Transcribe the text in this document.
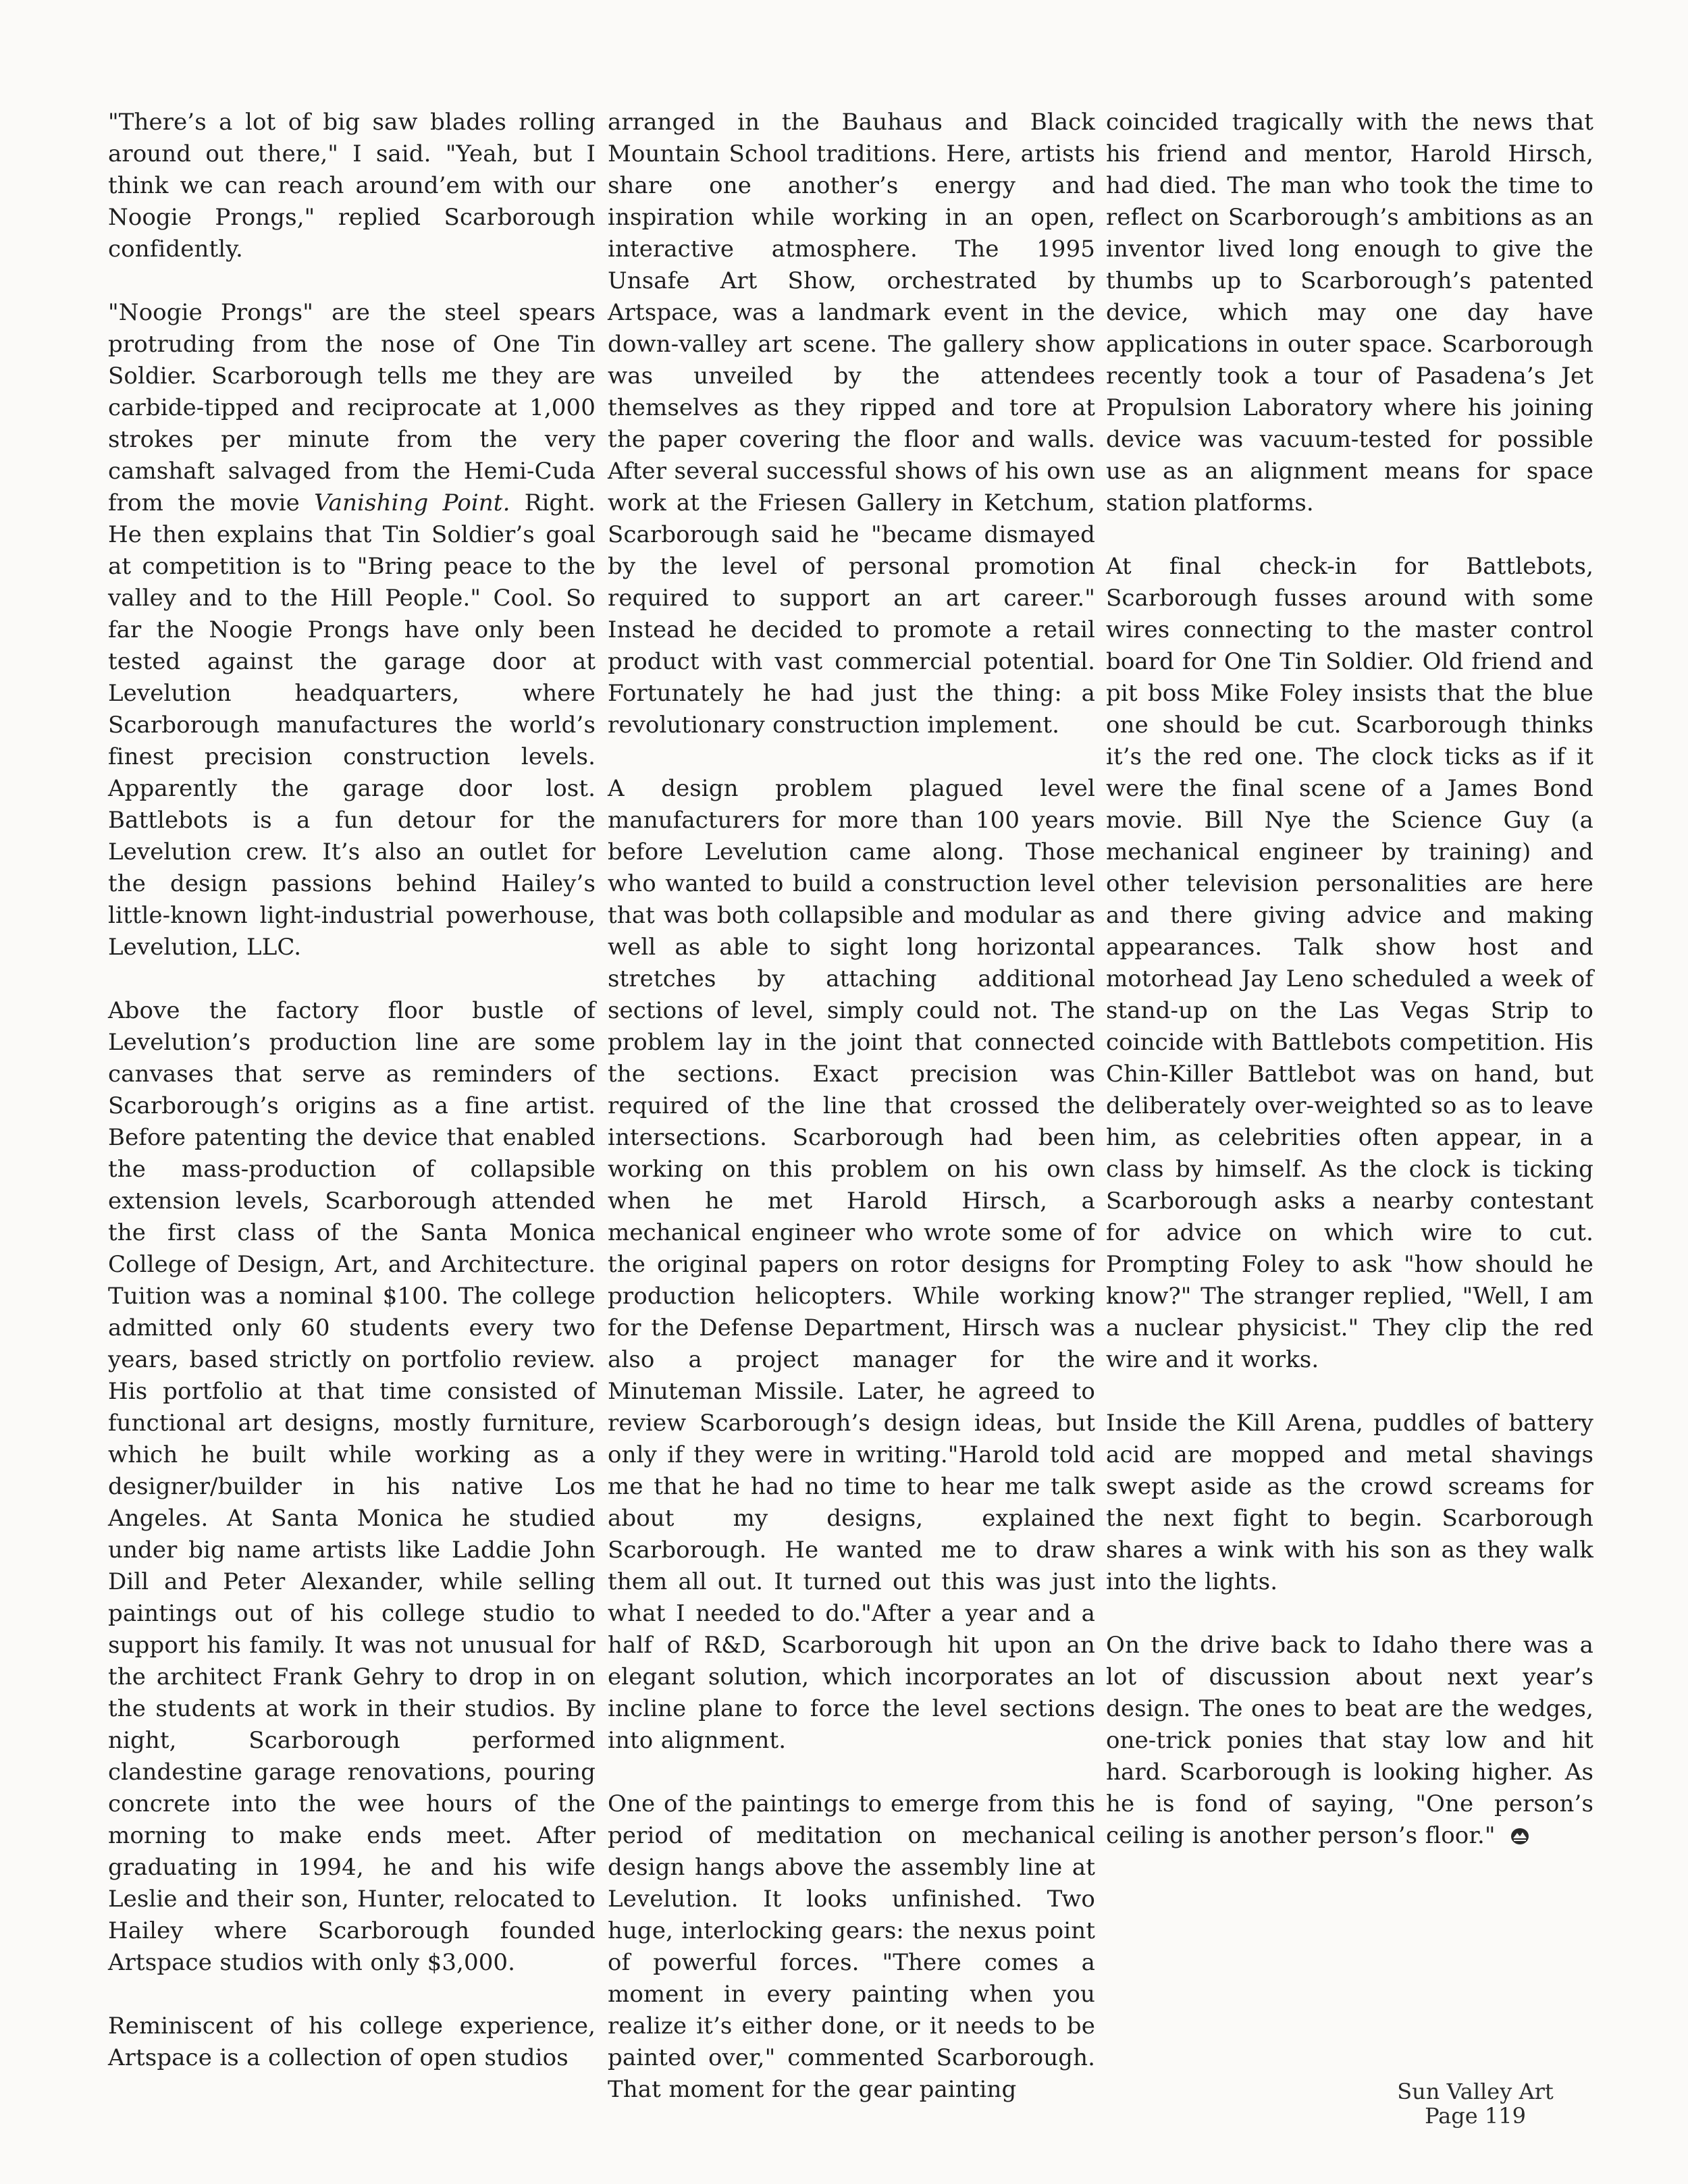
"There’s a lot of big saw blades rolling around out there," I said. "Yeah, but I think we can reach around’em with our Noogie Prongs," replied Scarborough confidently.

"Noogie Prongs" are the steel spears protruding from the nose of One Tin Soldier. Scarborough tells me they are carbide-tipped and reciprocate at 1,000 strokes per minute from the very camshaft salvaged from the Hemi-Cuda from the movie Vanishing Point. Right. He then explains that Tin Soldier’s goal at competition is to "Bring peace to the valley and to the Hill People." Cool. So far the Noogie Prongs have only been tested against the garage door at Levelution headquarters, where Scarborough manufactures the world’s finest precision construction levels. Apparently the garage door lost. Battlebots is a fun detour for the Levelution crew. It’s also an outlet for the design passions behind Hailey’s little-known light-industrial powerhouse, Levelution, LLC.

Above the factory floor bustle of Levelution’s production line are some canvases that serve as reminders of Scarborough’s origins as a fine artist. Before patenting the device that enabled the mass-production of collapsible extension levels, Scarborough attended the first class of the Santa Monica College of Design, Art, and Architecture. Tuition was a nominal $100. The college admitted only 60 students every two years, based strictly on portfolio review. His portfolio at that time consisted of functional art designs, mostly furniture, which he built while working as a designer/builder in his native Los Angeles. At Santa Monica he studied under big name artists like Laddie John Dill and Peter Alexander, while selling paintings out of his college studio to support his family. It was not unusual for the architect Frank Gehry to drop in on the students at work in their studios. By night, Scarborough performed clandestine garage renovations, pouring concrete into the wee hours of the morning to make ends meet. After graduating in 1994, he and his wife Leslie and their son, Hunter, relocated to Hailey where Scarborough founded Artspace studios with only $3,000.

Reminiscent of his college experience, Artspace is a collection of open studios

arranged in the Bauhaus and Black Mountain School traditions. Here, artists share one another’s energy and inspiration while working in an open, interactive atmosphere. The 1995 Unsafe Art Show, orchestrated by Artspace, was a landmark event in the down-valley art scene. The gallery show was unveiled by the attendees themselves as they ripped and tore at the paper covering the floor and walls. After several successful shows of his own work at the Friesen Gallery in Ketchum, Scarborough said he "became dismayed by the level of personal promotion required to support an art career." Instead he decided to promote a retail product with vast commercial potential. Fortunately he had just the thing: a revolutionary construction implement.

A design problem plagued level manufacturers for more than 100 years before Levelution came along. Those who wanted to build a construction level that was both collapsible and modular as well as able to sight long horizontal stretches by attaching additional sections of level, simply could not. The problem lay in the joint that connected the sections. Exact precision was required of the line that crossed the intersections. Scarborough had been working on this problem on his own when he met Harold Hirsch, a mechanical engineer who wrote some of the original papers on rotor designs for production helicopters. While working for the Defense Department, Hirsch was also a project manager for the Minuteman Missile. Later, he agreed to review Scarborough’s design ideas, but only if they were in writing."Harold told me that he had no time to hear me talk about my designs, explained Scarborough. He wanted me to draw them all out. It turned out this was just what I needed to do."After a year and a half of R&D, Scarborough hit upon an elegant solution, which incorporates an incline plane to force the level sections into alignment.

One of the paintings to emerge from this period of meditation on mechanical design hangs above the assembly line at Levelution. It looks unfinished. Two huge, interlocking gears: the nexus point of powerful forces. "There comes a moment in every painting when you realize it’s either done, or it needs to be painted over," commented Scarborough. That moment for the gear painting

coincided tragically with the news that his friend and mentor, Harold Hirsch, had died. The man who took the time to reflect on Scarborough’s ambitions as an inventor lived long enough to give the thumbs up to Scarborough’s patented device, which may one day have applications in outer space. Scarborough recently took a tour of Pasadena’s Jet Propulsion Laboratory where his joining device was vacuum-tested for possible use as an alignment means for space station platforms.

At final check-in for Battlebots, Scarborough fusses around with some wires connecting to the master control board for One Tin Soldier. Old friend and pit boss Mike Foley insists that the blue one should be cut. Scarborough thinks it’s the red one. The clock ticks as if it were the final scene of a James Bond movie. Bill Nye the Science Guy (a mechanical engineer by training) and other television personalities are here and there giving advice and making appearances. Talk show host and motorhead Jay Leno scheduled a week of stand-up on the Las Vegas Strip to coincide with Battlebots competition. His Chin-Killer Battlebot was on hand, but deliberately over-weighted so as to leave him, as celebrities often appear, in a class by himself. As the clock is ticking Scarborough asks a nearby contestant for advice on which wire to cut. Prompting Foley to ask "how should he know?" The stranger replied, "Well, I am a nuclear physicist." They clip the red wire and it works.

Inside the Kill Arena, puddles of battery acid are mopped and metal shavings swept aside as the crowd screams for the next fight to begin. Scarborough shares a wink with his son as they walk into the lights.

On the drive back to Idaho there was a lot of discussion about next year’s design. The ones to beat are the wedges, one-trick ponies that stay low and hit hard. Scarborough is looking higher. As he is fond of saying, "One person’s ceiling is another person’s floor."

Sun Valley Art
Page 119
